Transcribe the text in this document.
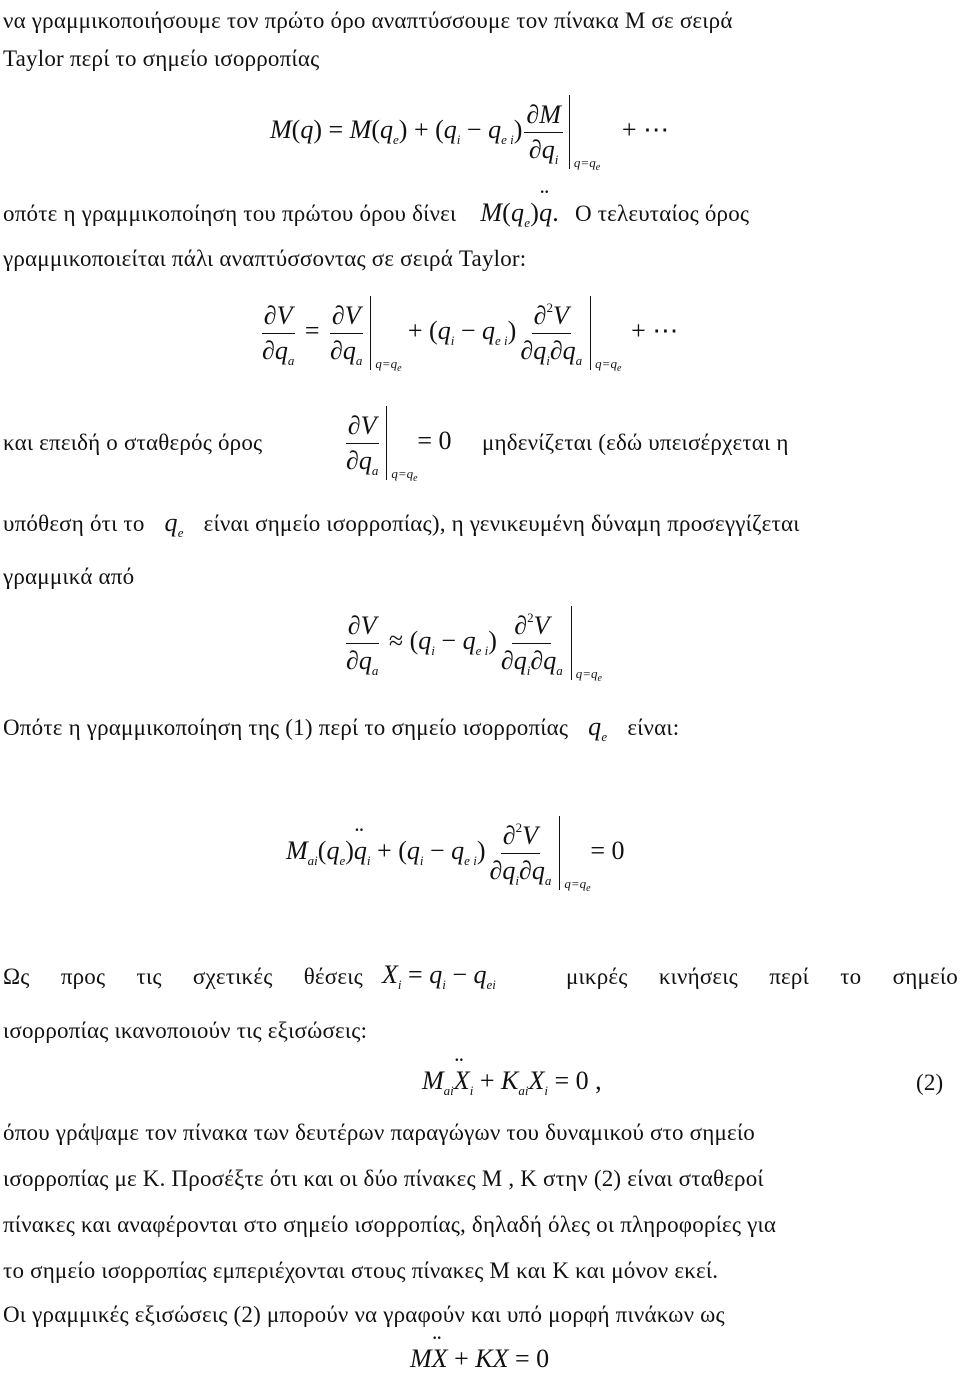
να γραμμικοποιήσουμε τον πρώτο όρο αναπτύσσουμε τον πίνακα M σε σειρά
Taylor περί το σημείο ισορροπίας
$M(q) = M(q_e) + (q_i - q_{e i}) \frac{\partial M}{\partial q_i} q=q_e$
+ ⋯
οπότε η γραμμικοποίηση του πρώτου όρου δίνει $M(q_e)¨$ q. Ο τελευταίος όρος
γραμμικοποιείται πάλι αναπτύσσοντας σε σειρά Taylor:
$\frac{\partial V}{\partial q_a} = \frac{\partial V}{\partial q_a} q=q_e$
+ $(q_i - q_{e i}) \frac{\partial^2V}{\partial q_i\partial q_a} q=q_e$
+ ⋯
και επειδή ο σταθερός όρος	$\frac{\partial V}{\partial q_a} q=q_e$
= 0 μηδενίζεται (εδώ υπεισέρχεται η
υπόθεση ότι το $q_e$ είναι σημείο ισορροπίας), η γενικευμένη δύναμη προσεγγίζεται
γραμμικά από
$\frac{\partial V}{\partial q_a} \approx (q_i - q_{e i}) \frac{\partial^2V}{\partial q_i\partial q_a} q=q_e$
Οπότε η γραμμικοποίηση της (1) περί το σημείο ισορροπίας $q_e$ είναι:
$M_{ai}(q_e)¨$ $q_i + (q_i - q_{e i}) \frac{\partial^2V}{\partial q_i\partial q_a} q=q_e$
= 0
Ως προς τις σχετικές θέσεις $X_i = q_i - q_{ei}$	μικρές κινήσεις περί το σημείο
ισορροπίας ικανοποιούν τις εξισώσεις:
$M_{ai}¨$ $X_i + K_{ai}X_i = 0$ ,	(2)
όπου γράψαμε τον πίνακα των δευτέρων παραγώγων του δυναμικού στο σημείο
ισορροπίας με K. Προσέξτε ότι και οι δύο πίνακες M , K στην (2) είναι σταθεροί
πίνακες και αναφέρονται στο σημείο ισορροπίας, δηλαδή όλες οι πληροφορίες για
το σημείο ισορροπίας εμπεριέχονται στους πίνακες M και K και μόνον εκεί.
Οι γραμμικές εξισώσεις (2) μπορούν να γραφούν και υπό μορφή πινάκων ως
M¨ X + KX = 0
